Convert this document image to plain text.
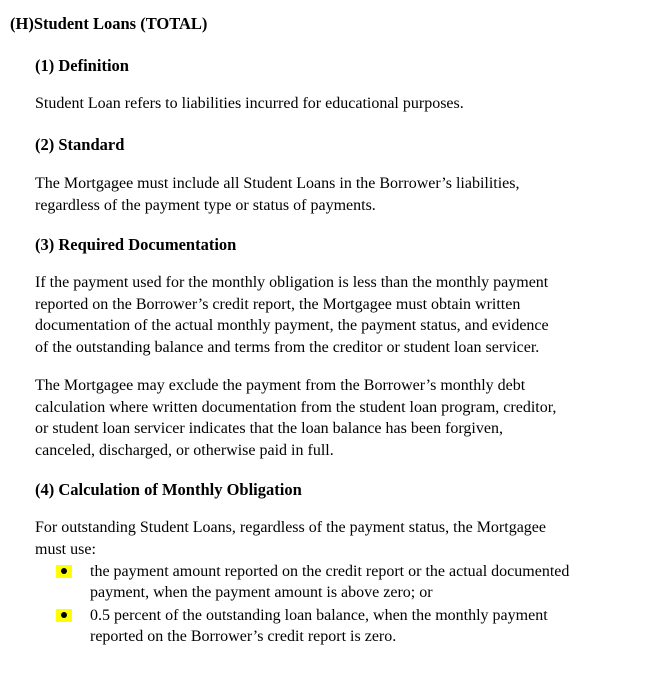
(H)Student Loans (TOTAL)
(1) Definition
Student Loan refers to liabilities incurred for educational purposes.
(2) Standard
The Mortgagee must include all Student Loans in the Borrower’s liabilities,
regardless of the payment type or status of payments.
(3) Required Documentation
If the payment used for the monthly obligation is less than the monthly payment
reported on the Borrower’s credit report, the Mortgagee must obtain written
documentation of the actual monthly payment, the payment status, and evidence
of the outstanding balance and terms from the creditor or student loan servicer.
The Mortgagee may exclude the payment from the Borrower’s monthly debt
calculation where written documentation from the student loan program, creditor,
or student loan servicer indicates that the loan balance has been forgiven,
canceled, discharged, or otherwise paid in full.
(4) Calculation of Monthly Obligation
For outstanding Student Loans, regardless of the payment status, the Mortgagee
must use:
the payment amount reported on the credit report or the actual documented
payment, when the payment amount is above zero; or
0.5 percent of the outstanding loan balance, when the monthly payment
reported on the Borrower’s credit report is zero.
